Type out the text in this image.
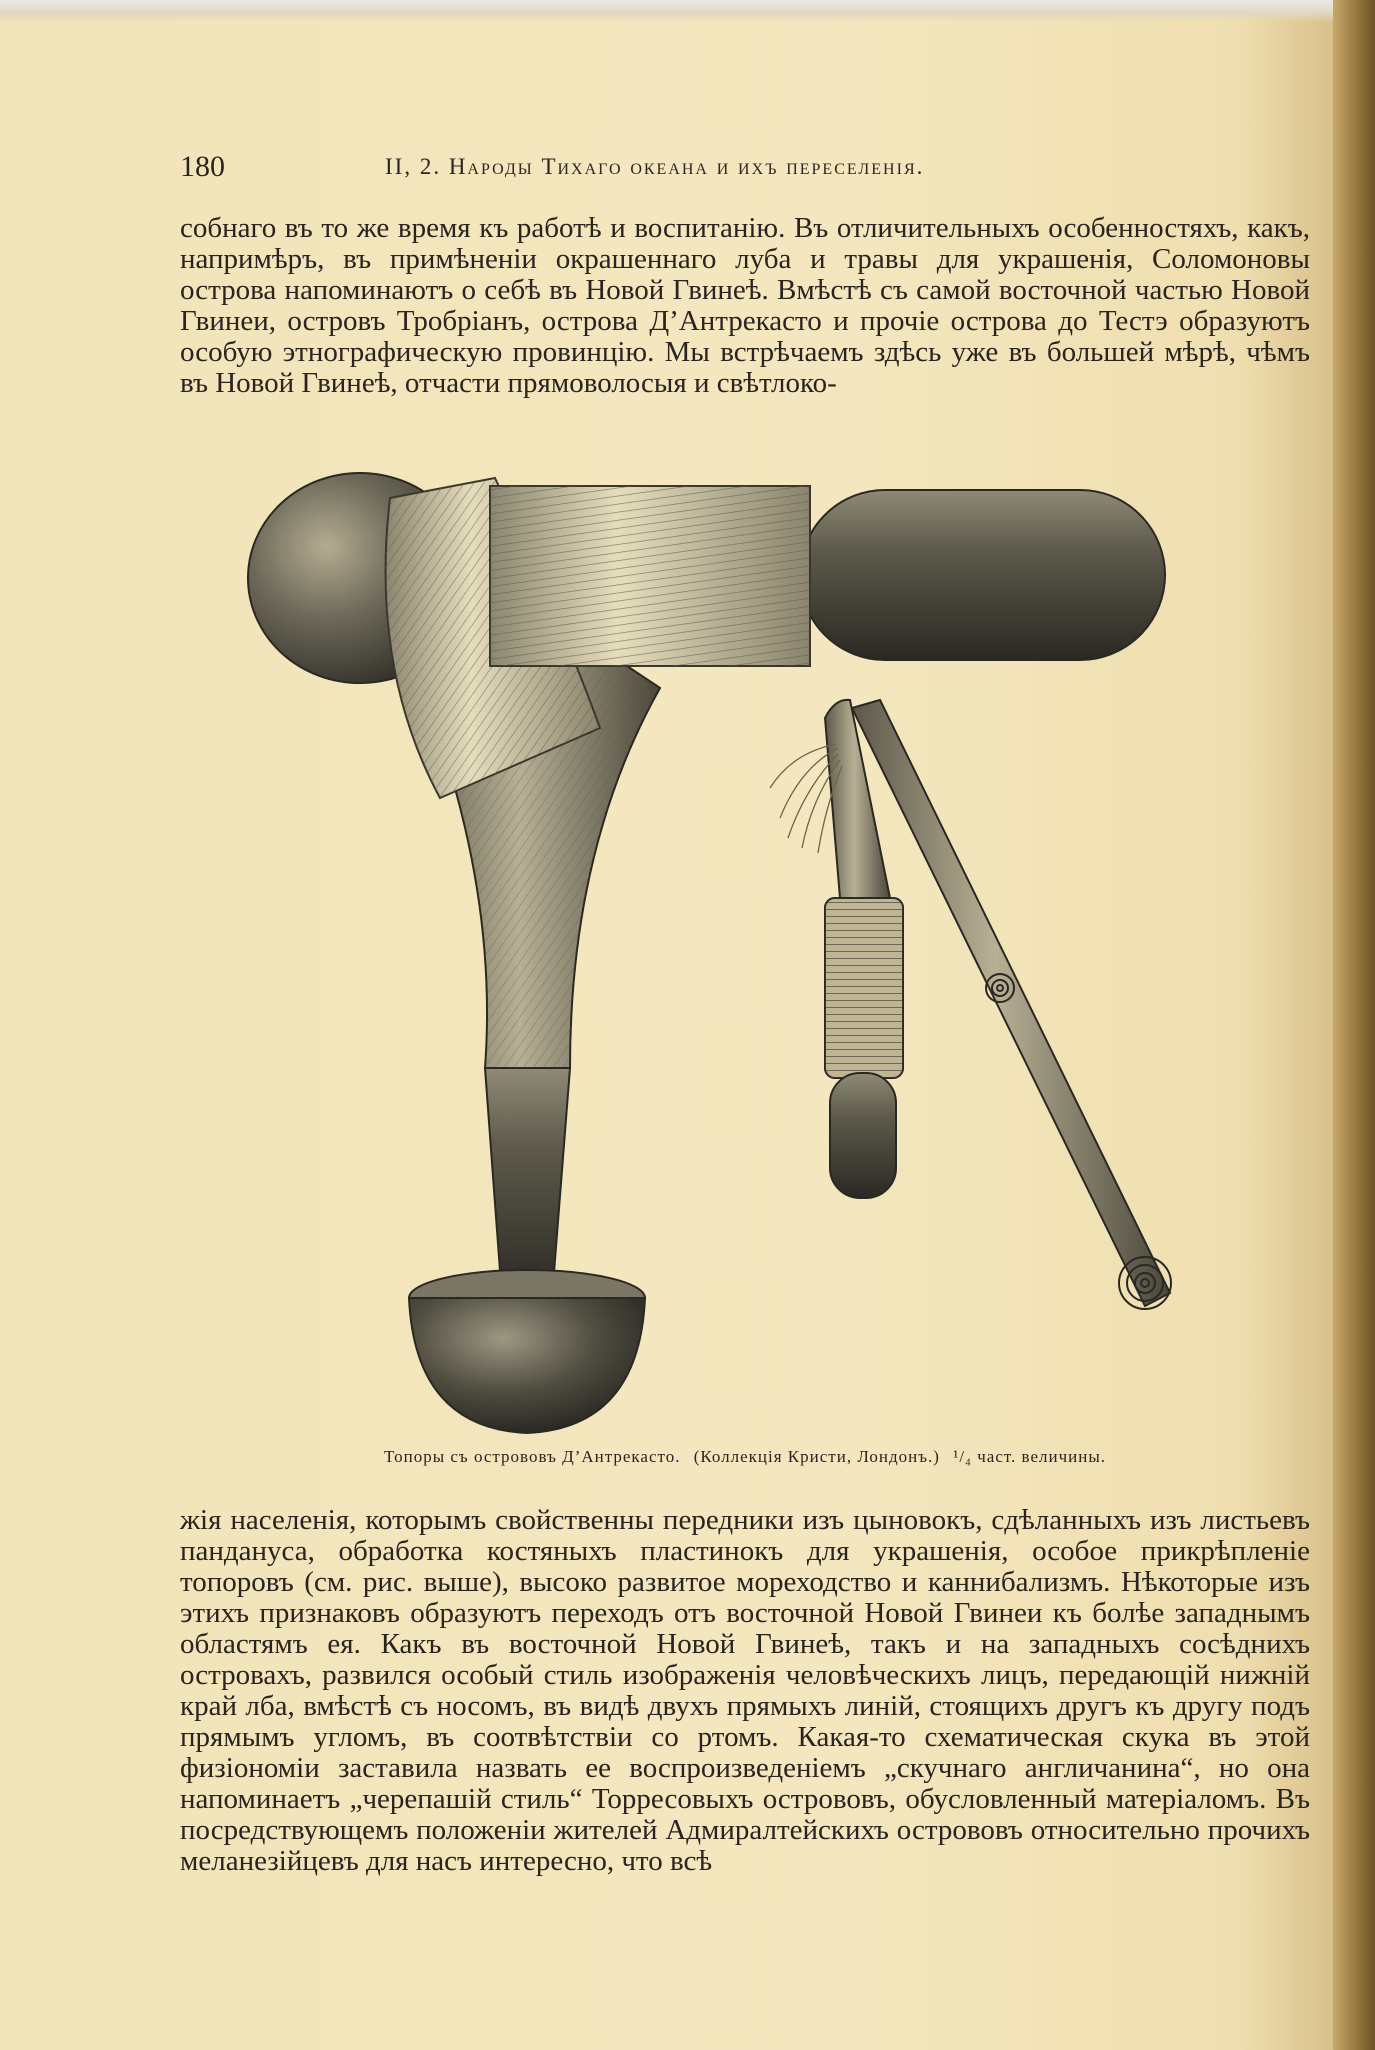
180	II, 2. Народы Тихаго океана и ихъ переселенія.

собнаго въ то же время къ работѣ и воспитанію. Въ отличительныхъ особенностяхъ, какъ, напримѣръ, въ примѣненіи окрашеннаго луба и травы для украшенія, Соломоновы острова напоминаютъ о себѣ въ Новой Гвинеѣ. Вмѣстѣ съ самой восточной частью Новой Гвинеи, островъ Тробріанъ, острова Д’Антрекасто и прочіе острова до Тестэ образуютъ особую этнографическую провинцію. Мы встрѣчаемъ здѣсь уже въ большей мѣрѣ, чѣмъ въ Новой Гвинеѣ, отчасти прямоволосыя и свѣтлоко-

Топоры съ острововъ Д’Антрекасто. (Коллекція Кристи, Лондонъ.) ¹/₄ част. величины.

жія населенія, которымъ свойственны передники изъ цыновокъ, сдѣланныхъ изъ листьевъ пандануса, обработка костяныхъ пластинокъ для украшенія, особое прикрѣпленіе топоровъ (см. рис. выше), высоко развитое мореходство и каннибализмъ. Нѣкоторые изъ этихъ признаковъ образуютъ переходъ отъ восточной Новой Гвинеи къ болѣе западнымъ областямъ ея. Какъ въ восточной Новой Гвинеѣ, такъ и на западныхъ сосѣднихъ островахъ, развился особый стиль изображенія человѣческихъ лицъ, передающій нижній край лба, вмѣстѣ съ носомъ, въ видѣ двухъ прямыхъ линій, стоящихъ другъ къ другу подъ прямымъ угломъ, въ соотвѣтствіи со ртомъ. Какая-то схематическая скука въ этой физіономіи заставила назвать ее воспроизведеніемъ „скучнаго англичанина“, но она напоминаетъ „черепашій стиль“ Торресовыхъ острововъ, обусловленный матеріаломъ. Въ посредствующемъ положеніи жителей Адмиралтейскихъ острововъ относительно прочихъ меланезійцевъ для насъ интересно, что всѣ
